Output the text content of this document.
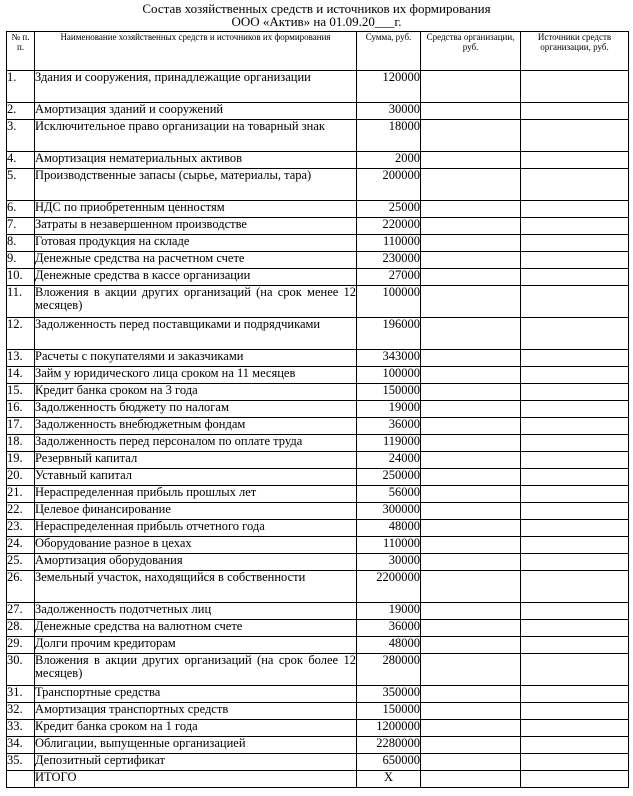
Состав хозяйственных средств и источников их формирования
ООО «Актив» на 01.09.20___г.
№ п. п.	Наименование хозяйственных средств и источников их формирования	Сумма, руб.	Средства организации, руб.	Источники средств организации, руб.
1.	Здания и сооружения, принадлежащие организации	120000		
2.	Амортизация зданий и сооружений	30000		
3.	Исключительное право организации на товарный знак	18000		
4.	Амортизация нематериальных активов	2000		
5.	Производственные запасы (сырье, материалы, тара)	200000		
6.	НДС по приобретенным ценностям	25000		
7.	Затраты в незавершенном производстве	220000		
8.	Готовая продукция на складе	110000		
9.	Денежные средства на расчетном счете	230000		
10.	Денежные средства в кассе организации	27000		
11.	Вложения в акции других организаций (на срок менее 12 месяцев)	100000		
12.	Задолженность перед поставщиками и подрядчиками	196000		
13.	Расчеты с покупателями и заказчиками	343000		
14.	Займ у юридического лица сроком на 11 месяцев	100000		
15.	Кредит банка сроком на 3 года	150000		
16.	Задолженность бюджету по налогам	19000		
17.	Задолженность внебюджетным фондам	36000		
18.	Задолженность перед персоналом по оплате труда	119000		
19.	Резервный капитал	24000		
20.	Уставный капитал	250000		
21.	Нераспределенная прибыль прошлых лет	56000		
22.	Целевое финансирование	300000		
23.	Нераспределенная прибыль отчетного года	48000		
24.	Оборудование разное в цехах	110000		
25.	Амортизация оборудования	30000		
26.	Земельный участок, находящийся в собственности	2200000		
27.	Задолженность подотчетных лиц	19000		
28.	Денежные средства на валютном счете	36000		
29.	Долги прочим кредиторам	48000		
30.	Вложения в акции других организаций (на срок более 12 месяцев)	280000		
31.	Транспортные средства	350000		
32.	Амортизация транспортных средств	150000		
33.	Кредит банка сроком на 1 года	1200000		
34.	Облигации, выпущенные организацией	2280000		
35.	Депозитный сертификат	650000		
	ИТОГО	Х		
